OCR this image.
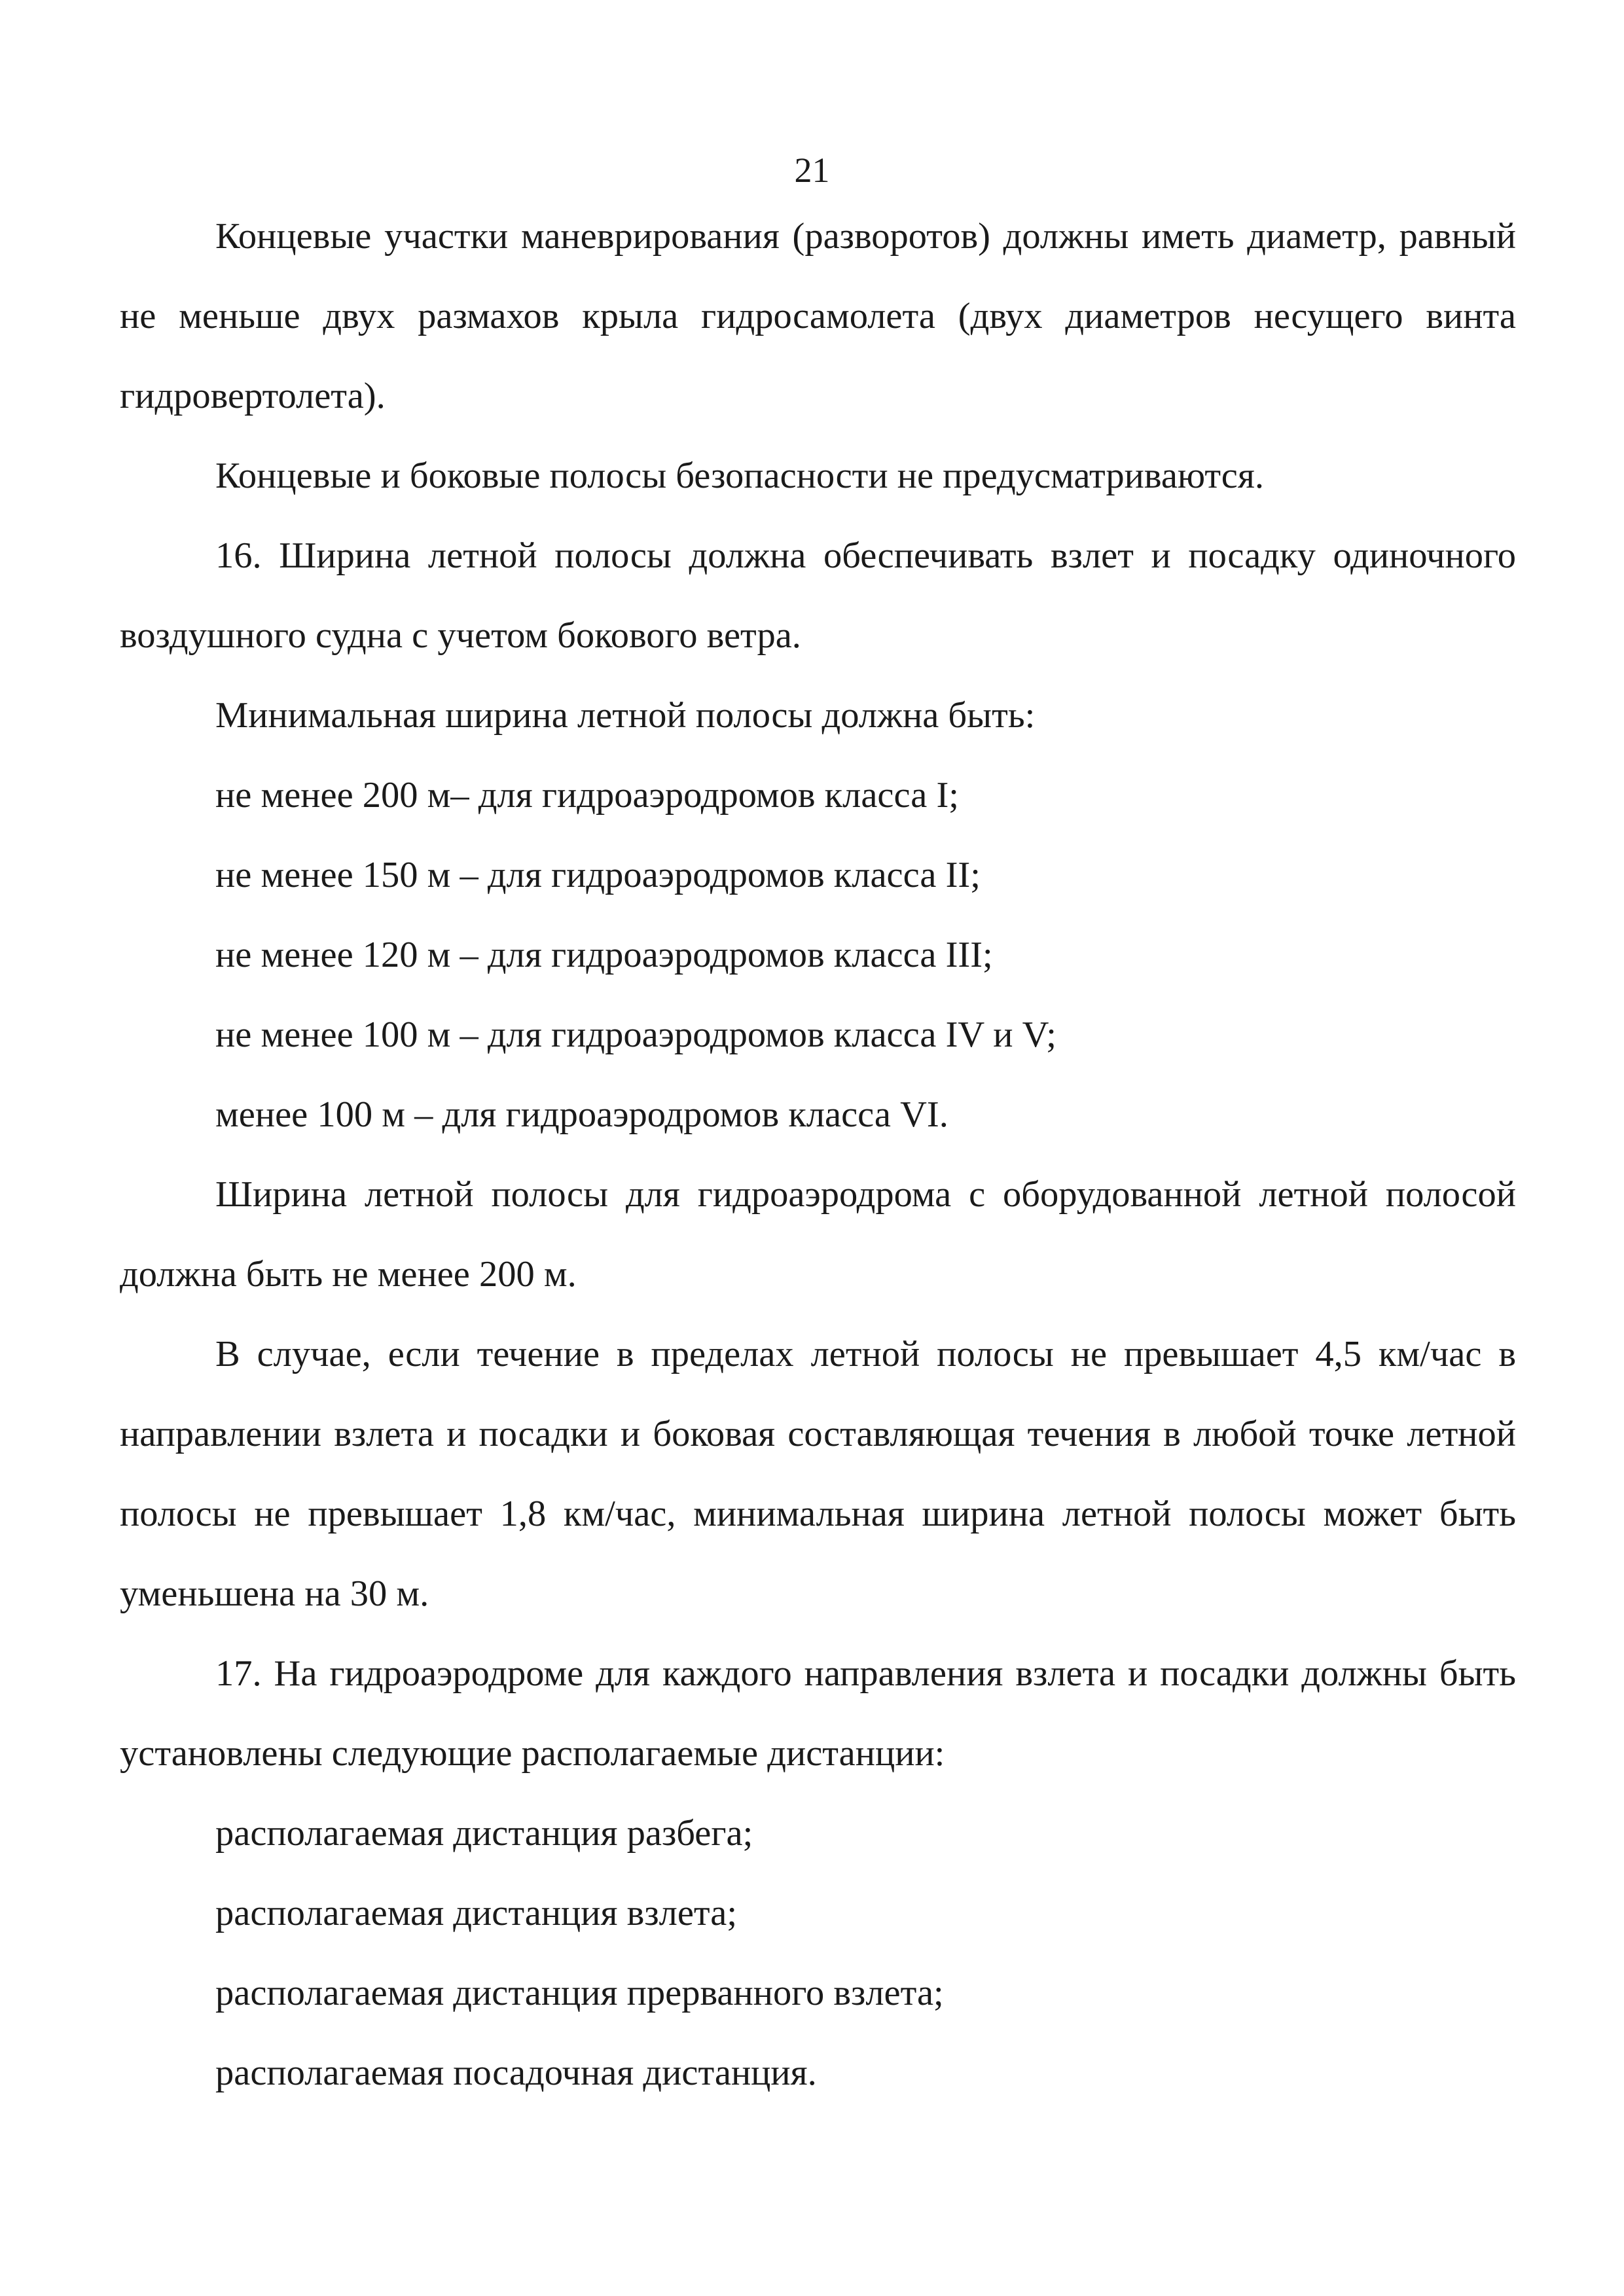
21

Концевые участки маневрирования (разворотов) должны иметь диаметр, равный не меньше двух размахов крыла гидросамолета (двух диаметров несущего винта гидровертолета).

Концевые и боковые полосы безопасности не предусматриваются.

16. Ширина летной полосы должна обеспечивать взлет и посадку одиночного воздушного судна с учетом бокового ветра.

Минимальная ширина летной полосы должна быть:

не менее 200 м– для гидроаэродромов класса I;

не менее 150 м – для гидроаэродромов класса II;

не менее 120 м – для гидроаэродромов класса III;

не менее 100 м – для гидроаэродромов класса IV и V;

менее 100 м – для гидроаэродромов класса VI.

Ширина летной полосы для гидроаэродрома с оборудованной летной полосой должна быть не менее 200 м.

В случае, если течение в пределах летной полосы не превышает 4,5 км/час в направлении взлета и посадки и боковая составляющая течения в любой точке летной полосы не превышает 1,8 км/час, минимальная ширина летной полосы может быть уменьшена на 30 м.

17. На гидроаэродроме для каждого направления взлета и посадки должны быть установлены следующие располагаемые дистанции:

располагаемая дистанция разбега;

располагаемая дистанция взлета;

располагаемая дистанция прерванного взлета;

располагаемая посадочная дистанция.
